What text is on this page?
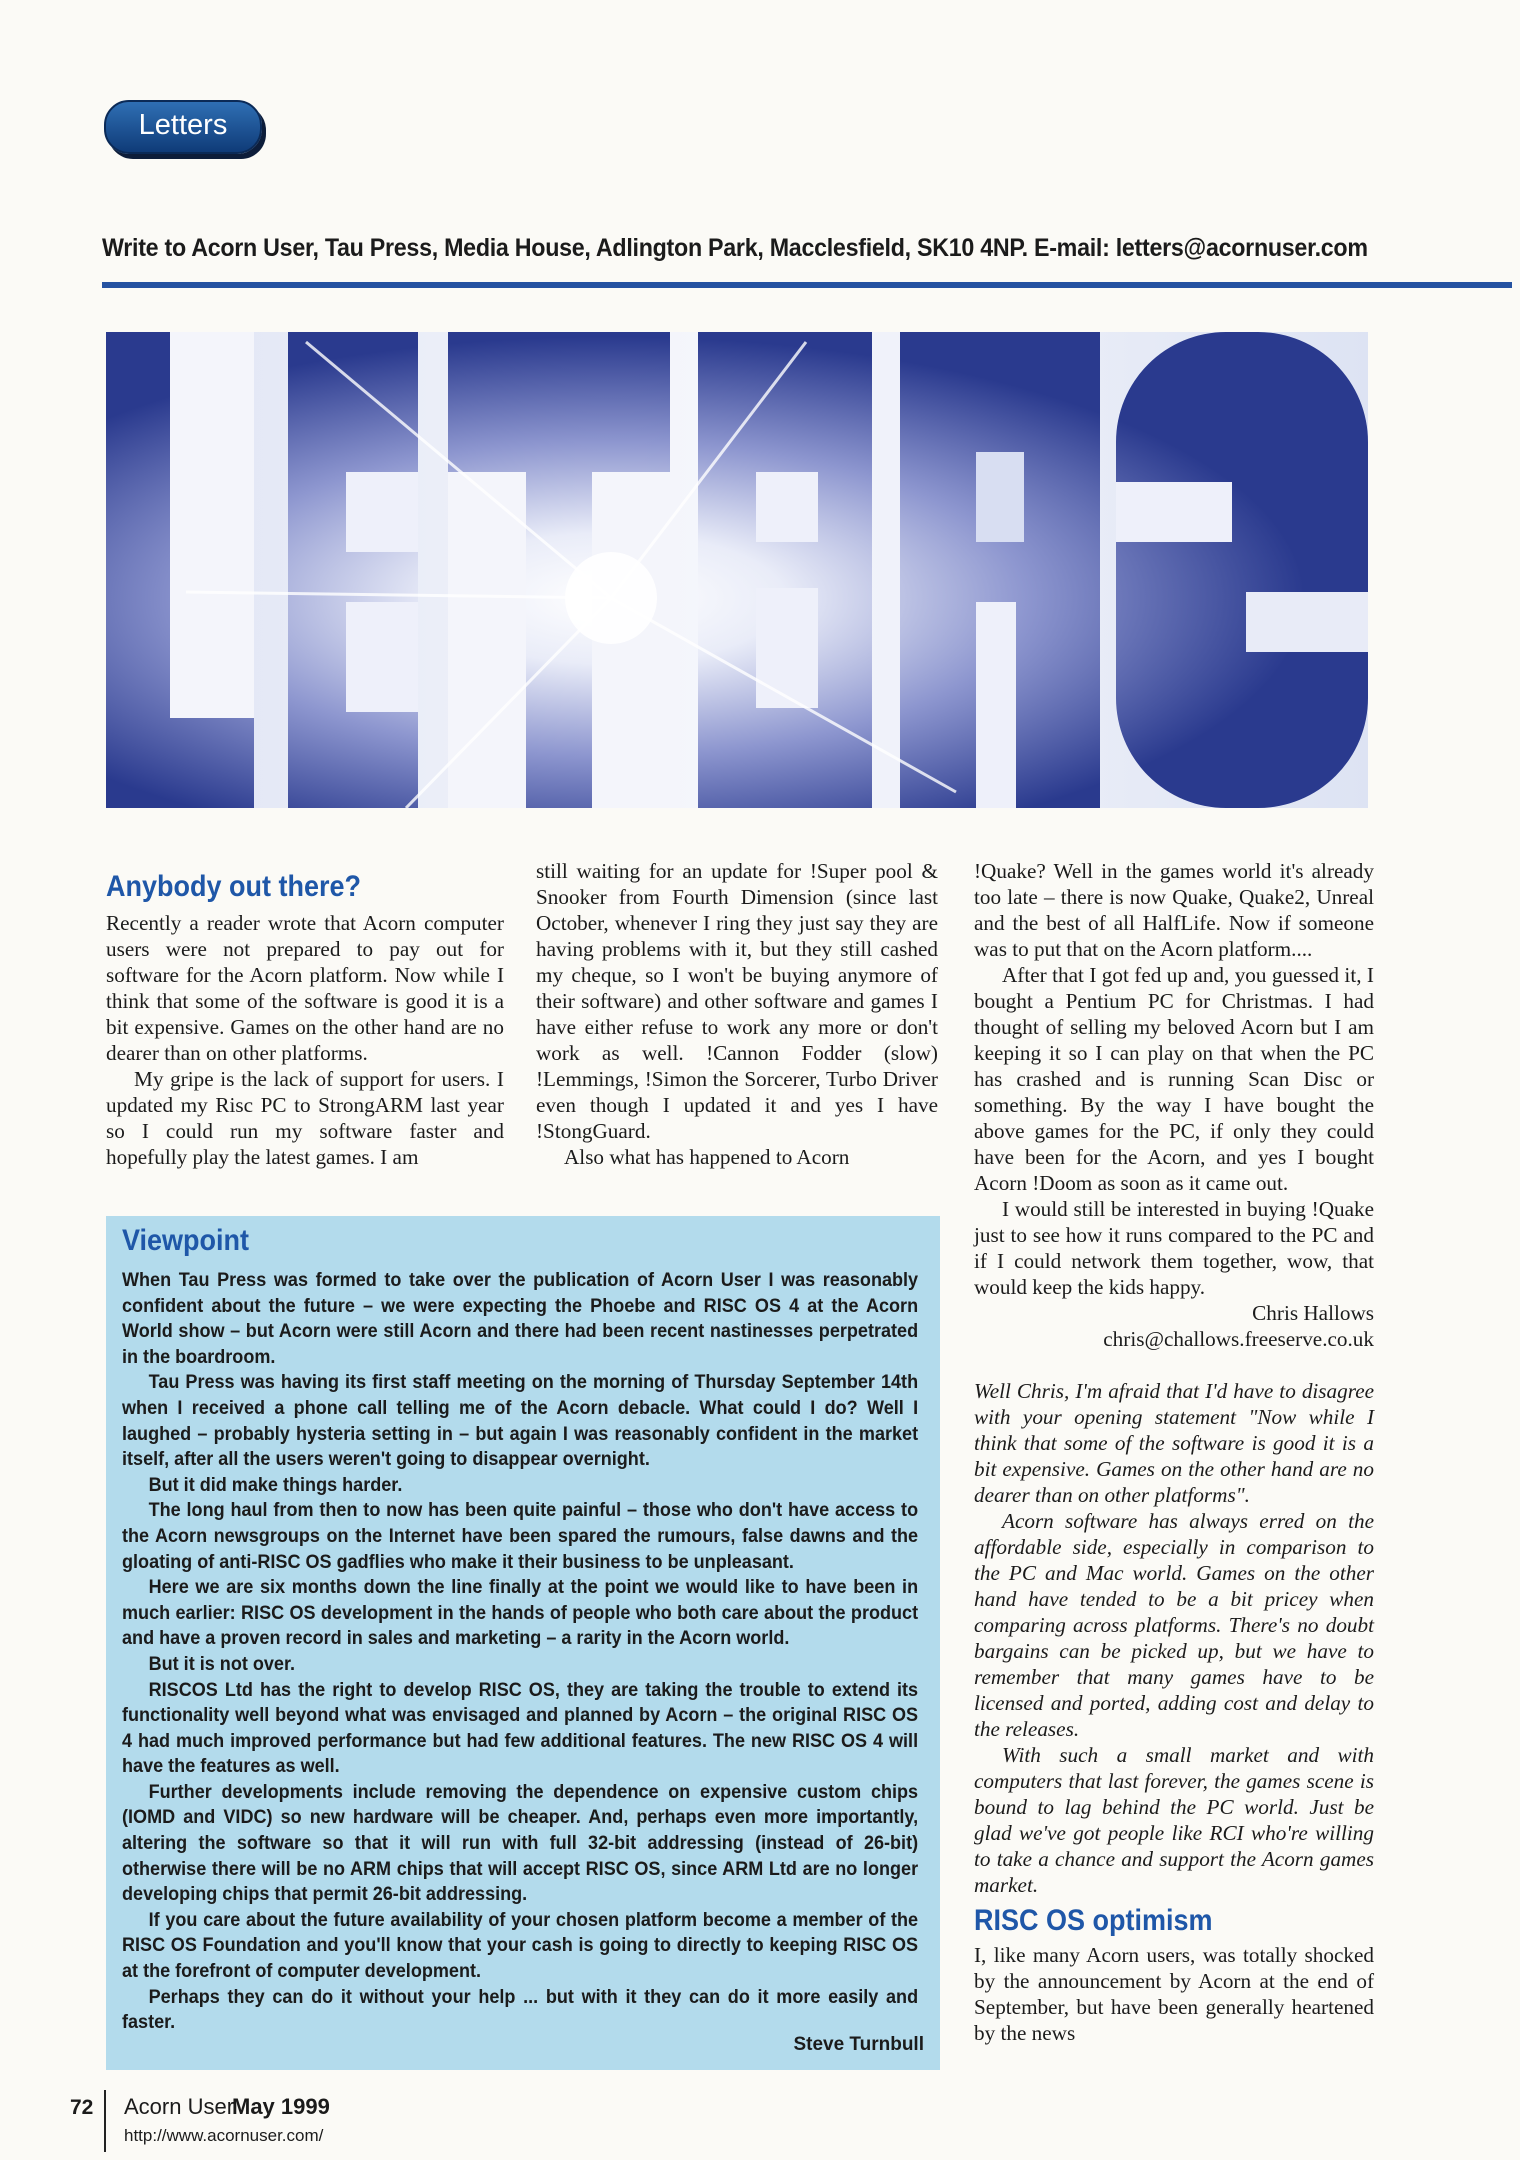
Letters
Write to Acorn User, Tau Press, Media House, Adlington Park, Macclesfield, SK10 4NP. E-mail: letters@acornuser.com
Anybody out there?

Recently a reader wrote that Acorn computer users were not prepared to pay out for software for the Acorn platform. Now while I think that some of the software is good it is a bit expensive. Games on the other hand are no dearer than on other platforms.

My gripe is the lack of support for users. I updated my Risc PC to StrongARM last year so I could run my software faster and hopefully play the latest games. I am

still waiting for an update for !Super pool & Snooker from Fourth Dimension (since last October, whenever I ring they just say they are having problems with it, but they still cashed my cheque, so I won't be buying anymore of their software) and other software and games I have either refuse to work any more or don't work as well. !Cannon Fodder (slow) !Lemmings, !Simon the Sorcerer, Turbo Driver even though I updated it and yes I have !StongGuard.

Also what has happened to Acorn

!Quake? Well in the games world it's already too late – there is now Quake, Quake2, Unreal and the best of all HalfLife. Now if someone was to put that on the Acorn platform....

After that I got fed up and, you guessed it, I bought a Pentium PC for Christmas. I had thought of selling my beloved Acorn but I am keeping it so I can play on that when the PC has crashed and is running Scan Disc or something. By the way I have bought the above games for the PC, if only they could have been for the Acorn, and yes I bought Acorn !Doom as soon as it came out.

I would still be interested in buying !Quake just to see how it runs compared to the PC and if I could network them together, wow, that would keep the kids happy.

Chris Hallows

chris@challows.freeserve.co.uk

Well Chris, I'm afraid that I'd have to disagree with your opening statement "Now while I think that some of the software is good it is a bit expensive. Games on the other hand are no dearer than on other platforms".

Acorn software has always erred on the affordable side, especially in comparison to the PC and Mac world. Games on the other hand have tended to be a bit pricey when comparing across platforms. There's no doubt bargains can be picked up, but we have to remember that many games have to be licensed and ported, adding cost and delay to the releases.

With such a small market and with computers that last forever, the games scene is bound to lag behind the PC world. Just be glad we've got people like RCI who're willing to take a chance and support the Acorn games market.

RISC OS optimism

I, like many Acorn users, was totally shocked by the announcement by Acorn at the end of September, but have been generally heartened by the news

Viewpoint

When Tau Press was formed to take over the publication of Acorn User I was reasonably confident about the future – we were expecting the Phoebe and RISC OS 4 at the Acorn World show – but Acorn were still Acorn and there had been recent nastinesses perpetrated in the boardroom.

Tau Press was having its first staff meeting on the morning of Thursday September 14th when I received a phone call telling me of the Acorn debacle. What could I do? Well I laughed – probably hysteria setting in – but again I was reasonably confident in the market itself, after all the users weren't going to disappear overnight.

But it did make things harder.

The long haul from then to now has been quite painful – those who don't have access to the Acorn newsgroups on the Internet have been spared the rumours, false dawns and the gloating of anti-RISC OS gadflies who make it their business to be unpleasant.

Here we are six months down the line finally at the point we would like to have been in much earlier: RISC OS development in the hands of people who both care about the product and have a proven record in sales and marketing – a rarity in the Acorn world.

But it is not over.

RISCOS Ltd has the right to develop RISC OS, they are taking the trouble to extend its functionality well beyond what was envisaged and planned by Acorn – the original RISC OS 4 had much improved performance but had few additional features. The new RISC OS 4 will have the features as well.

Further developments include removing the dependence on expensive custom chips (IOMD and VIDC) so new hardware will be cheaper. And, perhaps even more importantly, altering the software so that it will run with full 32-bit addressing (instead of 26-bit) otherwise there will be no ARM chips that will accept RISC OS, since ARM Ltd are no longer developing chips that permit 26-bit addressing.

If you care about the future availability of your chosen platform become a member of the RISC OS Foundation and you'll know that your cash is going to directly to keeping RISC OS at the forefront of computer development.

Perhaps they can do it without your help ... but with it they can do it more easily and faster.

Steve Turnbull
72 Acorn User
May 1999
http://www.acornuser.com/
